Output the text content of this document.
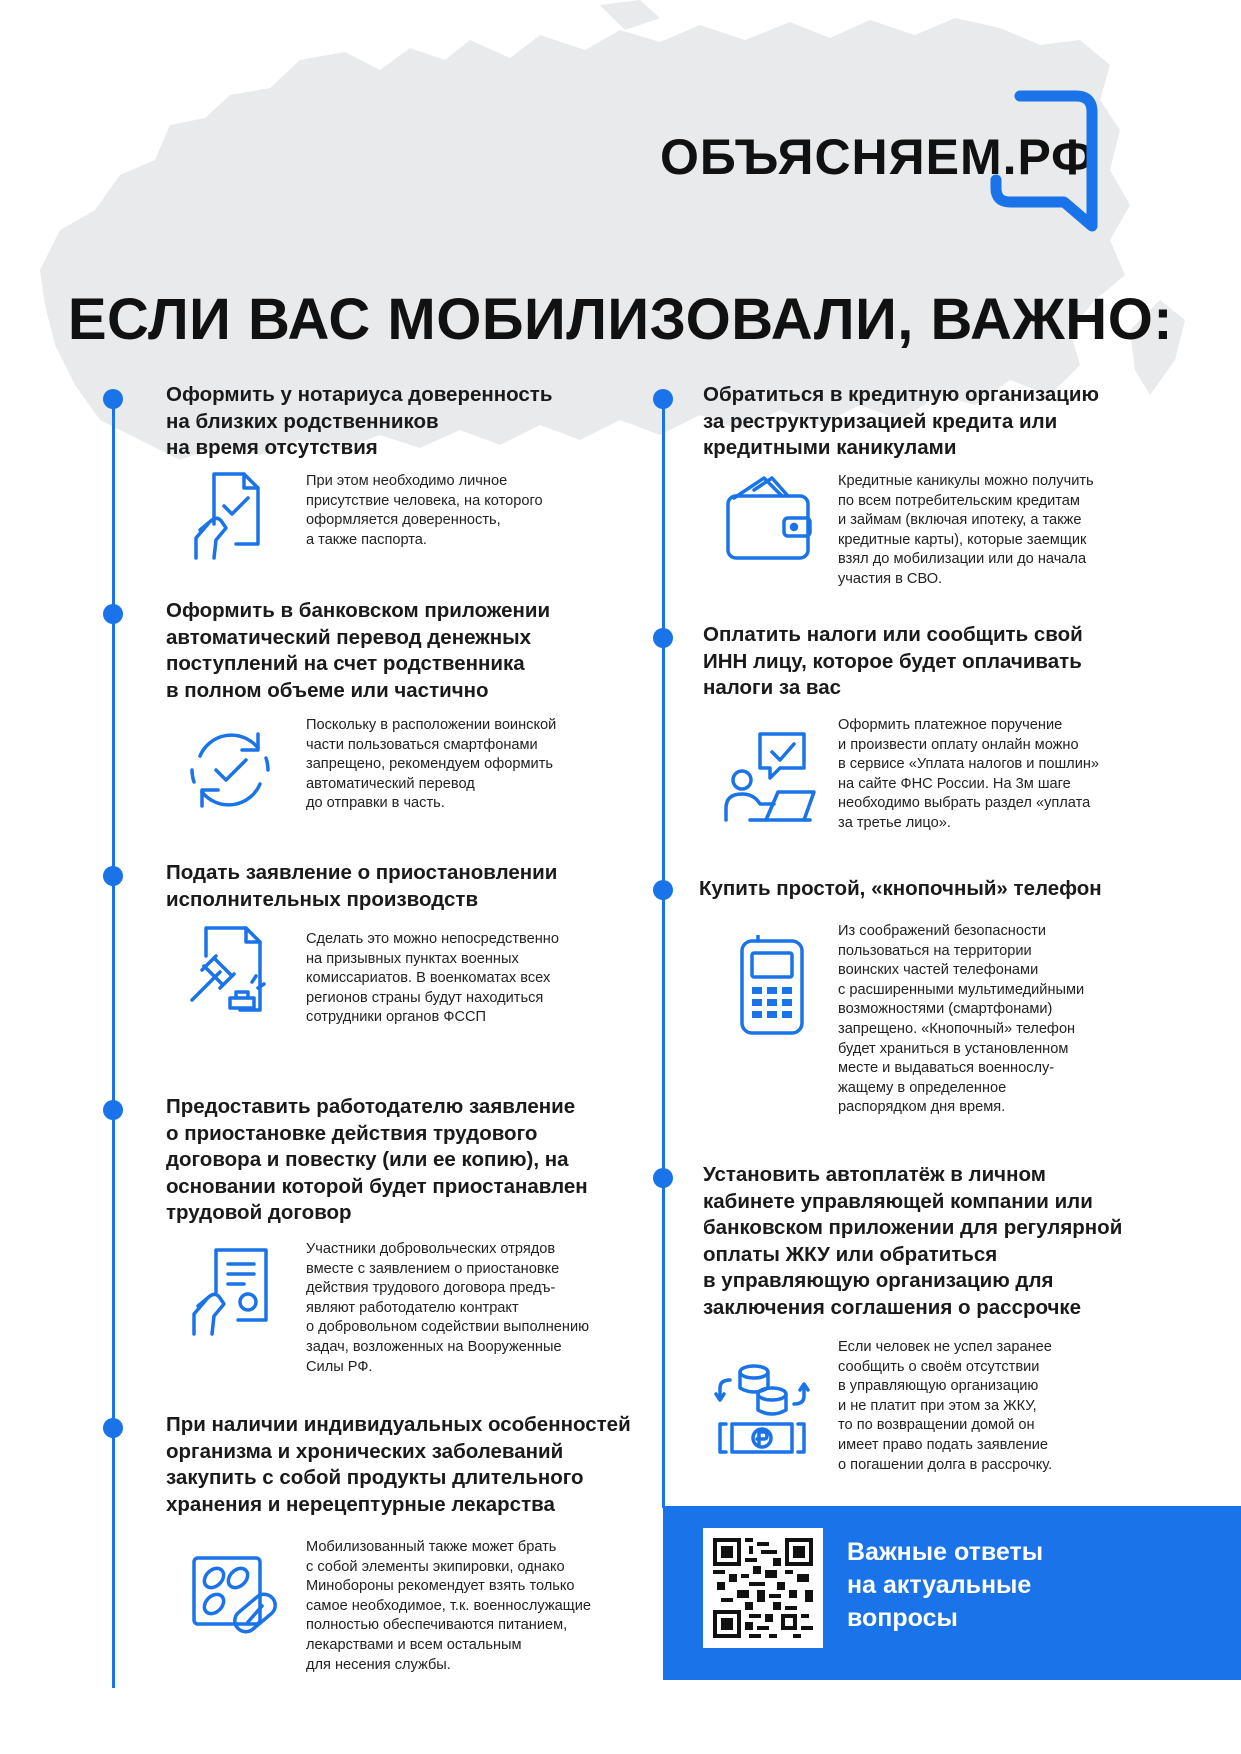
ОБЪЯСНЯЕМ.РФ
ЕСЛИ ВАС МОБИЛИЗОВАЛИ, ВАЖНО:

Оформить у нотариуса доверенность
на близких родственников
на время отсутствия

При этом необходимо личное
присутствие человека, на которого
оформляется доверенность,
а также паспорта.

Оформить в банковском приложении
автоматический перевод денежных
поступлений на счет родственника
в полном объеме или частично

Поскольку в расположении воинской
части пользоваться смартфонами
запрещено, рекомендуем оформить
автоматический перевод
до отправки в часть.

Подать заявление о приостановлении
исполнительных производств

Сделать это можно непосредственно
на призывных пунктах военных
комиссариатов. В военкоматах всех
регионов страны будут находиться
сотрудники органов ФССП

Предоставить работодателю заявление
о приостановке действия трудового
договора и повестку (или ее копию), на
основании которой будет приостанавлен
трудовой договор

Участники добровольческих отрядов
вместе с заявлением о приостановке
действия трудового договора предъ-
являют работодателю контракт
о добровольном содействии выполнению
задач, возложенных на Вооруженные
Силы РФ.

При наличии индивидуальных особенностей
организма и хронических заболеваний
закупить с собой продукты длительного
хранения и нерецептурные лекарства

Мобилизованный также может брать
с собой элементы экипировки, однако
Минобороны рекомендует взять только
самое необходимое, т.к. военнослужащие
полностью обеспечиваются питанием,
лекарствами и всем остальным
для несения службы.

Обратиться в кредитную организацию
за реструктуризацией кредита или
кредитными каникулами

Кредитные каникулы можно получить
по всем потребительским кредитам
и займам (включая ипотеку, а также
кредитные карты), которые заемщик
взял до мобилизации или до начала
участия в СВО.

Оплатить налоги или сообщить свой
ИНН лицу, которое будет оплачивать
налоги за вас

Оформить платежное поручение
и произвести оплату онлайн можно
в сервисе «Уплата налогов и пошлин»
на сайте ФНС России. На 3м шаге
необходимо выбрать раздел «уплата
за третье лицо».

Купить простой, «кнопочный» телефон

Из соображений безопасности
пользоваться на территории
воинских частей телефонами
с расширенными мультимедийными
возможностями (смартфонами)
запрещено. «Кнопочный» телефон
будет храниться в установленном
месте и выдаваться военнослу-
жащему в определенное
распорядком дня время.

Установить автоплатёж в личном
кабинете управляющей компании или
банковском приложении для регулярной
оплаты ЖКУ или обратиться
в управляющую организацию для
заключения соглашения о рассрочке

Если человек не успел заранее
сообщить о своём отсутствии
в управляющую организацию
и не платит при этом за ЖКУ,
то по возвращении домой он
имеет право подать заявление
о погашении долга в рассрочку.

Важные ответы
на актуальные
вопросы
